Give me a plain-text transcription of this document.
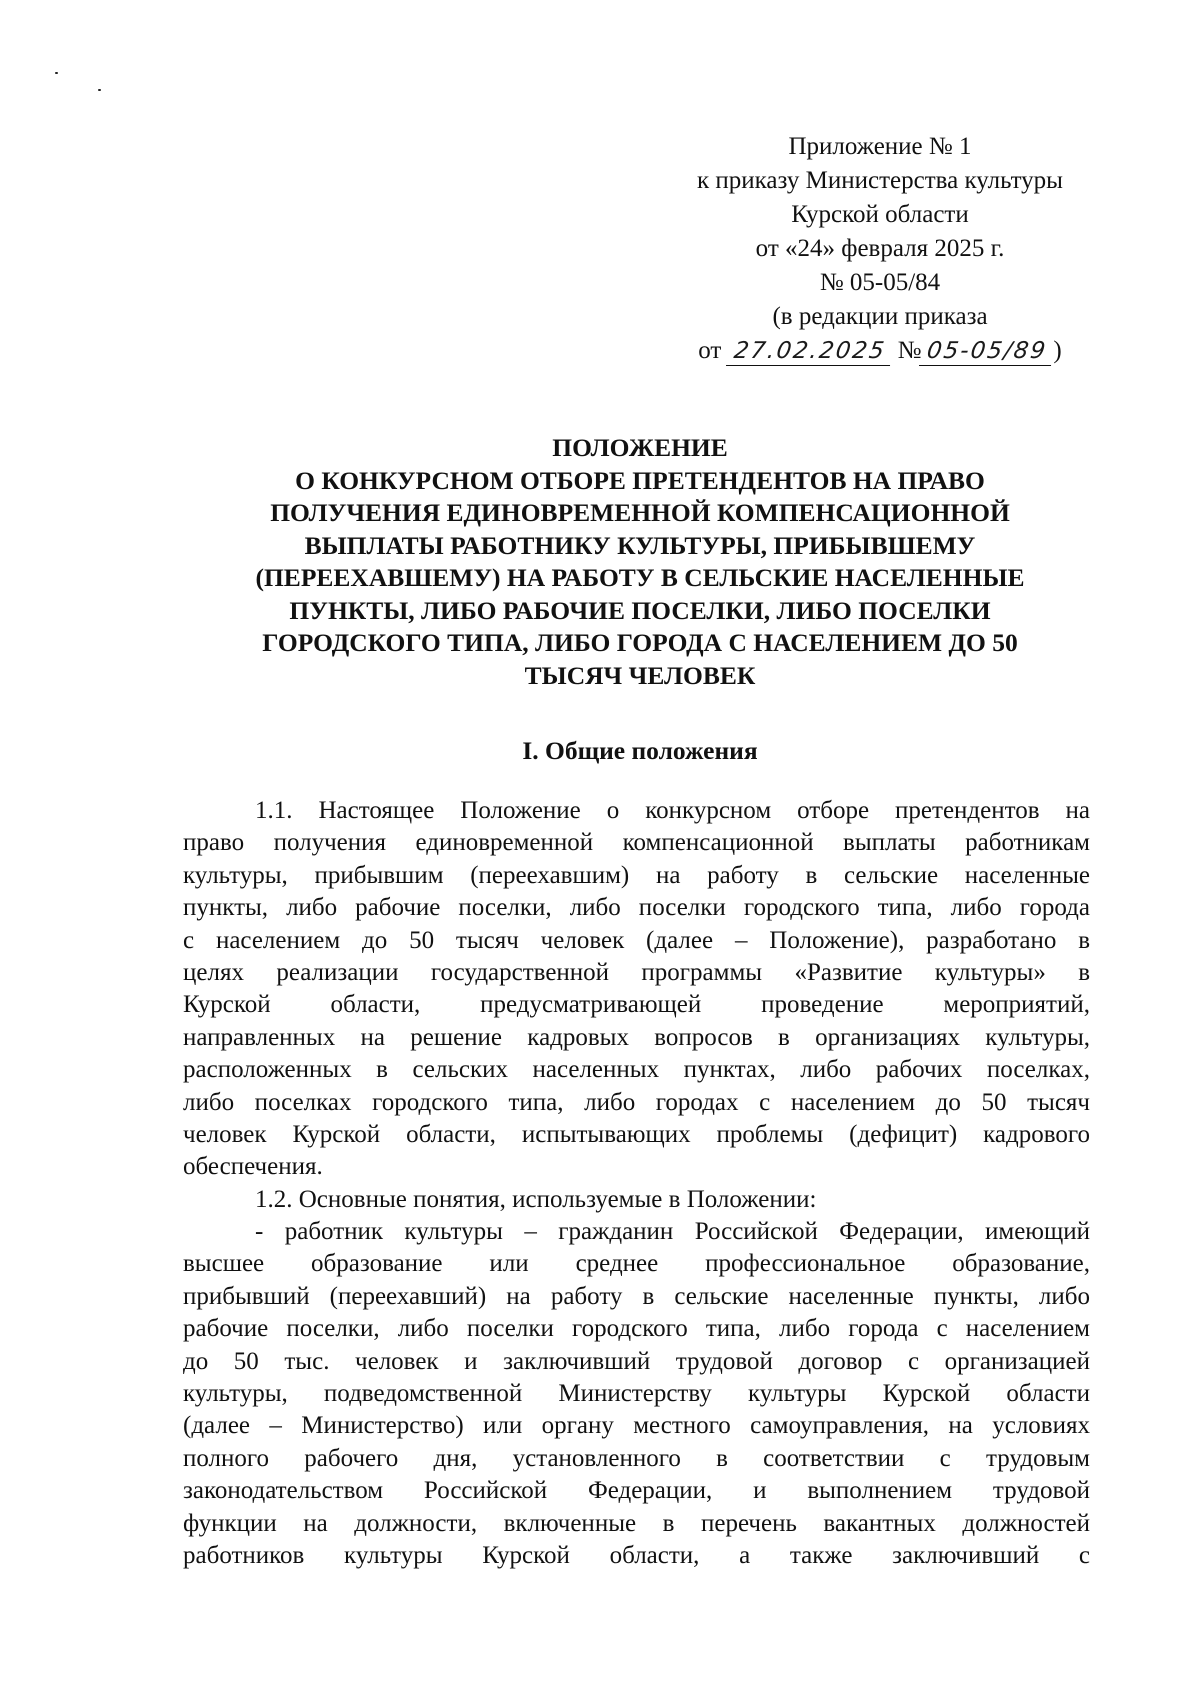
Приложение № 1
к приказу Министерства культуры
Курской области
от «24» февраля 2025 г.
№ 05-05/84
(в редакции приказа
от 27.02.2025 № 05-05/89 )
ПОЛОЖЕНИЕ
О КОНКУРСНОМ ОТБОРЕ ПРЕТЕНДЕНТОВ НА ПРАВО
ПОЛУЧЕНИЯ ЕДИНОВРЕМЕННОЙ КОМПЕНСАЦИОННОЙ
ВЫПЛАТЫ РАБОТНИКУ КУЛЬТУРЫ, ПРИБЫВШЕМУ
(ПЕРЕЕХАВШЕМУ) НА РАБОТУ В СЕЛЬСКИЕ НАСЕЛЕННЫЕ
ПУНКТЫ, ЛИБО РАБОЧИЕ ПОСЕЛКИ, ЛИБО ПОСЕЛКИ
ГОРОДСКОГО ТИПА, ЛИБО ГОРОДА С НАСЕЛЕНИЕМ ДО 50
ТЫСЯЧ ЧЕЛОВЕК
I. Общие положения
1.1. Настоящее Положение о конкурсном отборе претендентов на
право получения единовременной компенсационной выплаты работникам
культуры, прибывшим (переехавшим) на работу в сельские населенные
пункты, либо рабочие поселки, либо поселки городского типа, либо города
с населением до 50 тысяч человек (далее – Положение), разработано в
целях реализации государственной программы «Развитие культуры» в
Курской области, предусматривающей проведение мероприятий,
направленных на решение кадровых вопросов в организациях культуры,
расположенных в сельских населенных пунктах, либо рабочих поселках,
либо поселках городского типа, либо городах с населением до 50 тысяч
человек Курской области, испытывающих проблемы (дефицит) кадрового
обеспечения.
1.2. Основные понятия, используемые в Положении:
- работник культуры – гражданин Российской Федерации, имеющий
высшее образование или среднее профессиональное образование,
прибывший (переехавший) на работу в сельские населенные пункты, либо
рабочие поселки, либо поселки городского типа, либо города с населением
до 50 тыс. человек и заключивший трудовой договор с организацией
культуры, подведомственной Министерству культуры Курской области
(далее – Министерство) или органу местного самоуправления, на условиях
полного рабочего дня, установленного в соответствии с трудовым
законодательством Российской Федерации, и выполнением трудовой
функции на должности, включенные в перечень вакантных должностей
работников культуры Курской области, а также заключивший с
